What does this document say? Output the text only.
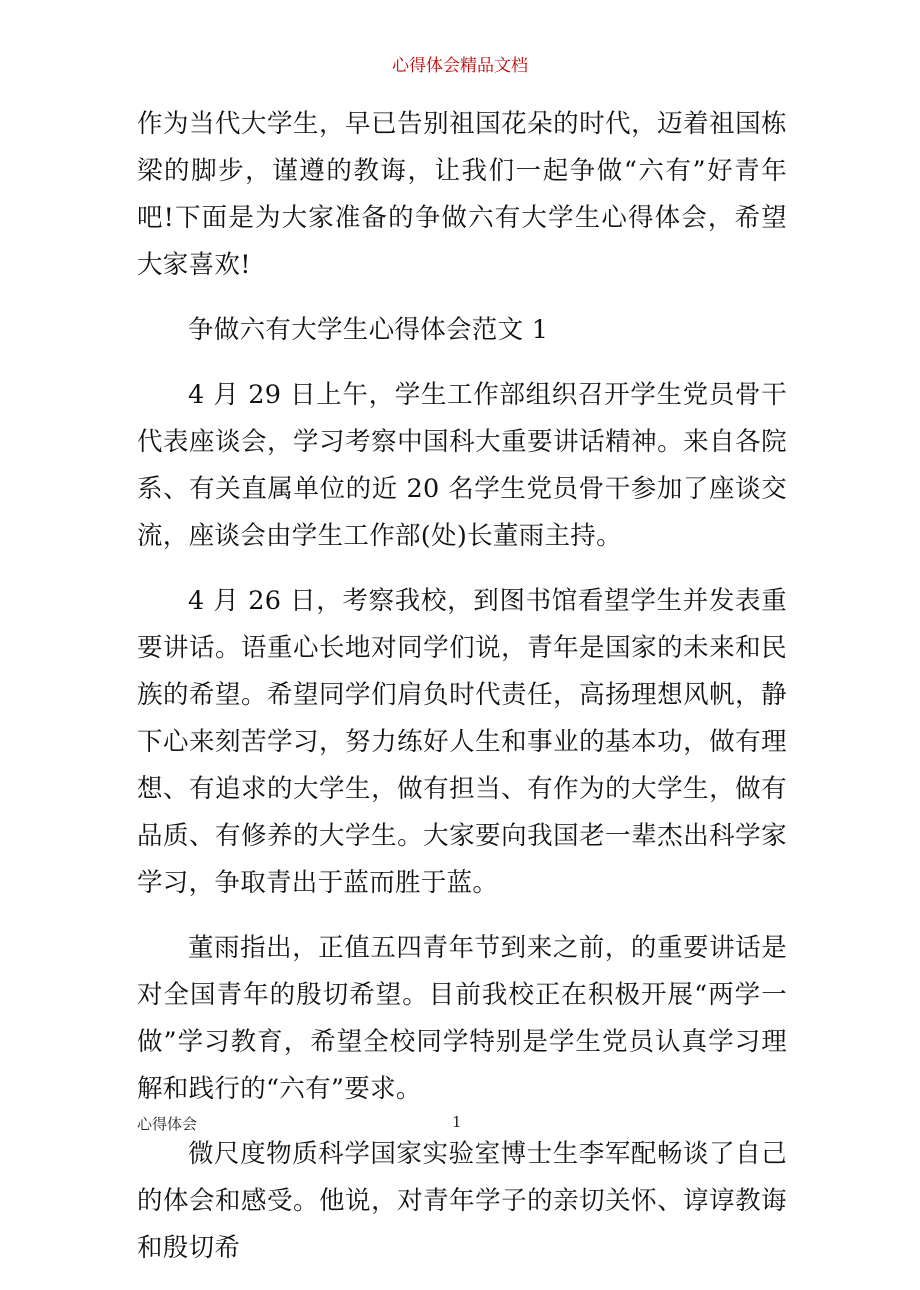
心得体会精品文档

作为当代大学生，早已告别祖国花朵的时代，迈着祖国栋梁的脚步，谨遵的教诲，让我们一起争做“六有”好青年吧!下面是为大家准备的争做六有大学生心得体会，希望大家喜欢!

争做六有大学生心得体会范文 1

4 月 29 日上午，学生工作部组织召开学生党员骨干代表座谈会，学习考察中国科大重要讲话精神。来自各院系、有关直属单位的近 20 名学生党员骨干参加了座谈交流，座谈会由学生工作部(处)长董雨主持。

4 月 26 日，考察我校，到图书馆看望学生并发表重要讲话。语重心长地对同学们说，青年是国家的未来和民族的希望。希望同学们肩负时代责任，高扬理想风帆，静下心来刻苦学习，努力练好人生和事业的基本功，做有理想、有追求的大学生，做有担当、有作为的大学生，做有品质、有修养的大学生。大家要向我国老一辈杰出科学家学习，争取青出于蓝而胜于蓝。

董雨指出，正值五四青年节到来之前，的重要讲话是对全国青年的殷切希望。目前我校正在积极开展“两学一做”学习教育，希望全校同学特别是学生党员认真学习理解和践行的“六有”要求。

微尺度物质科学国家实验室博士生李军配畅谈了自己的体会和感受。他说，对青年学子的亲切关怀、谆谆教诲和殷切希

心得体会	1
